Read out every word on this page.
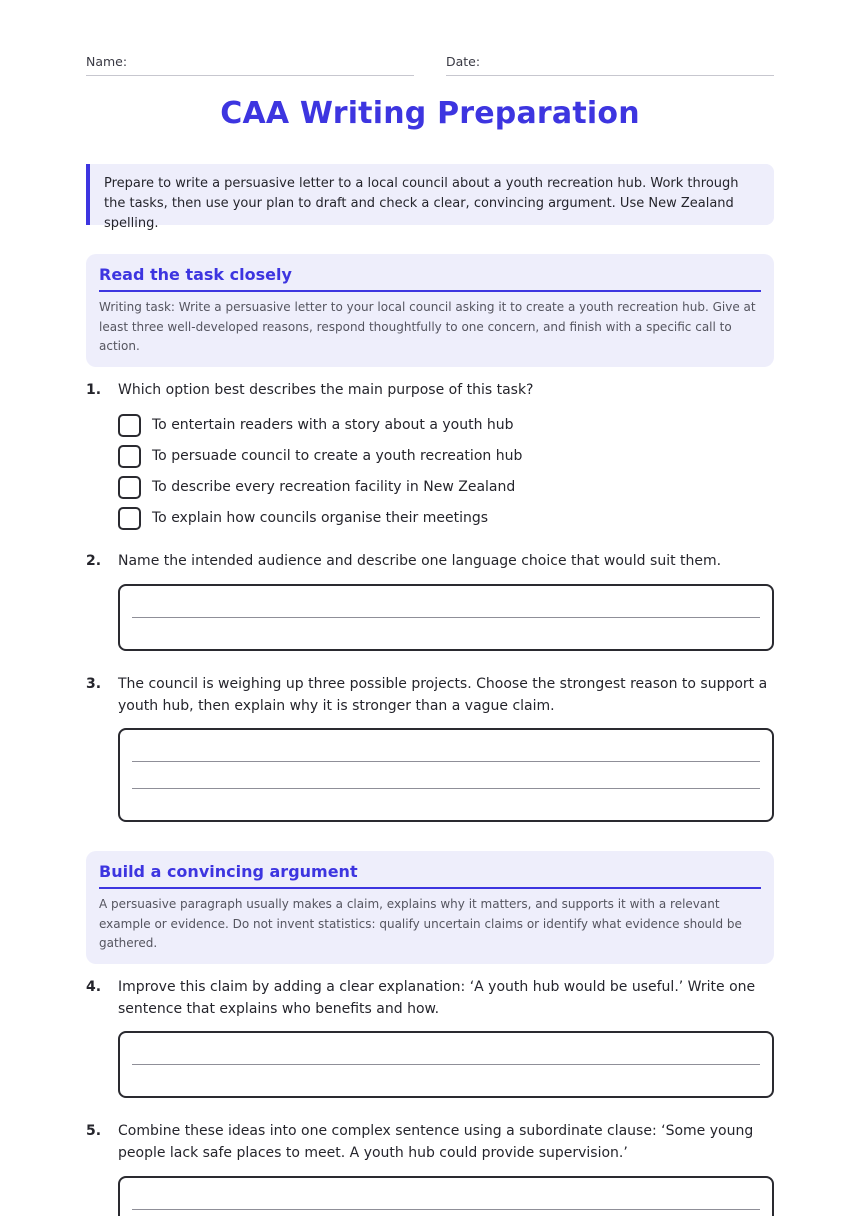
Name:	Date:
CAA Writing Preparation
Prepare to write a persuasive letter to a local council about a youth recreation hub. Work through the tasks, then use your plan to draft and check a clear, convincing argument. Use New Zealand spelling.
Read the task closely
Writing task: Write a persuasive letter to your local council asking it to create a youth recreation hub. Give at least three well-developed reasons, respond thoughtfully to one concern, and finish with a specific call to action.
1. Which option best describes the main purpose of this task?
To entertain readers with a story about a youth hub
To persuade council to create a youth recreation hub
To describe every recreation facility in New Zealand
To explain how councils organise their meetings
2. Name the intended audience and describe one language choice that would suit them.
3. The council is weighing up three possible projects. Choose the strongest reason to support a youth hub, then explain why it is stronger than a vague claim.
Build a convincing argument
A persuasive paragraph usually makes a claim, explains why it matters, and supports it with a relevant example or evidence. Do not invent statistics: qualify uncertain claims or identify what evidence should be gathered.
4. Improve this claim by adding a clear explanation: ‘A youth hub would be useful.’ Write one sentence that explains who benefits and how.
5. Combine these ideas into one complex sentence using a subordinate clause: ‘Some young people lack safe places to meet. A youth hub could provide supervision.’
